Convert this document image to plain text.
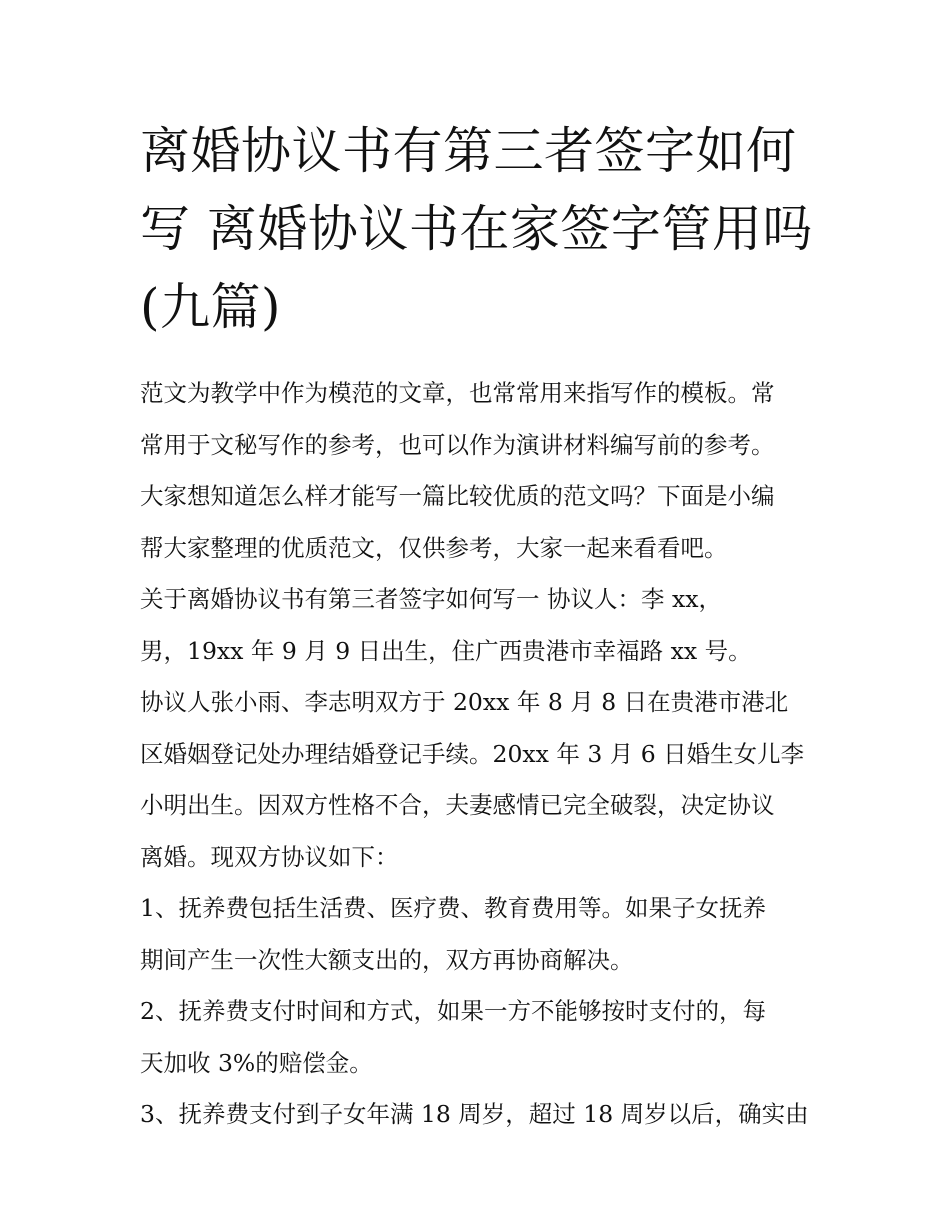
离婚协议书有第三者签字如何
写 离婚协议书在家签字管用吗
(九篇)

范文为教学中作为模范的文章，也常常用来指写作的模板。常
常用于文秘写作的参考，也可以作为演讲材料编写前的参考。
大家想知道怎么样才能写一篇比较优质的范文吗？下面是小编
帮大家整理的优质范文，仅供参考，大家一起来看看吧。

关于离婚协议书有第三者签字如何写一 协议人：李 xx，
男，19xx 年 9 月 9 日出生，住广西贵港市幸福路 xx 号。

协议人张小雨、李志明双方于 20xx 年 8 月 8 日在贵港市港北
区婚姻登记处办理结婚登记手续。20xx 年 3 月 6 日婚生女儿李
小明出生。因双方性格不合，夫妻感情已完全破裂，决定协议
离婚。现双方协议如下：

1、抚养费包括生活费、医疗费、教育费用等。如果子女抚养
期间产生一次性大额支出的，双方再协商解决。

2、抚养费支付时间和方式，如果一方不能够按时支付的，每
天加收 3%的赔偿金。

3、抚养费支付到子女年满 18 周岁，超过 18 周岁以后，确实由
